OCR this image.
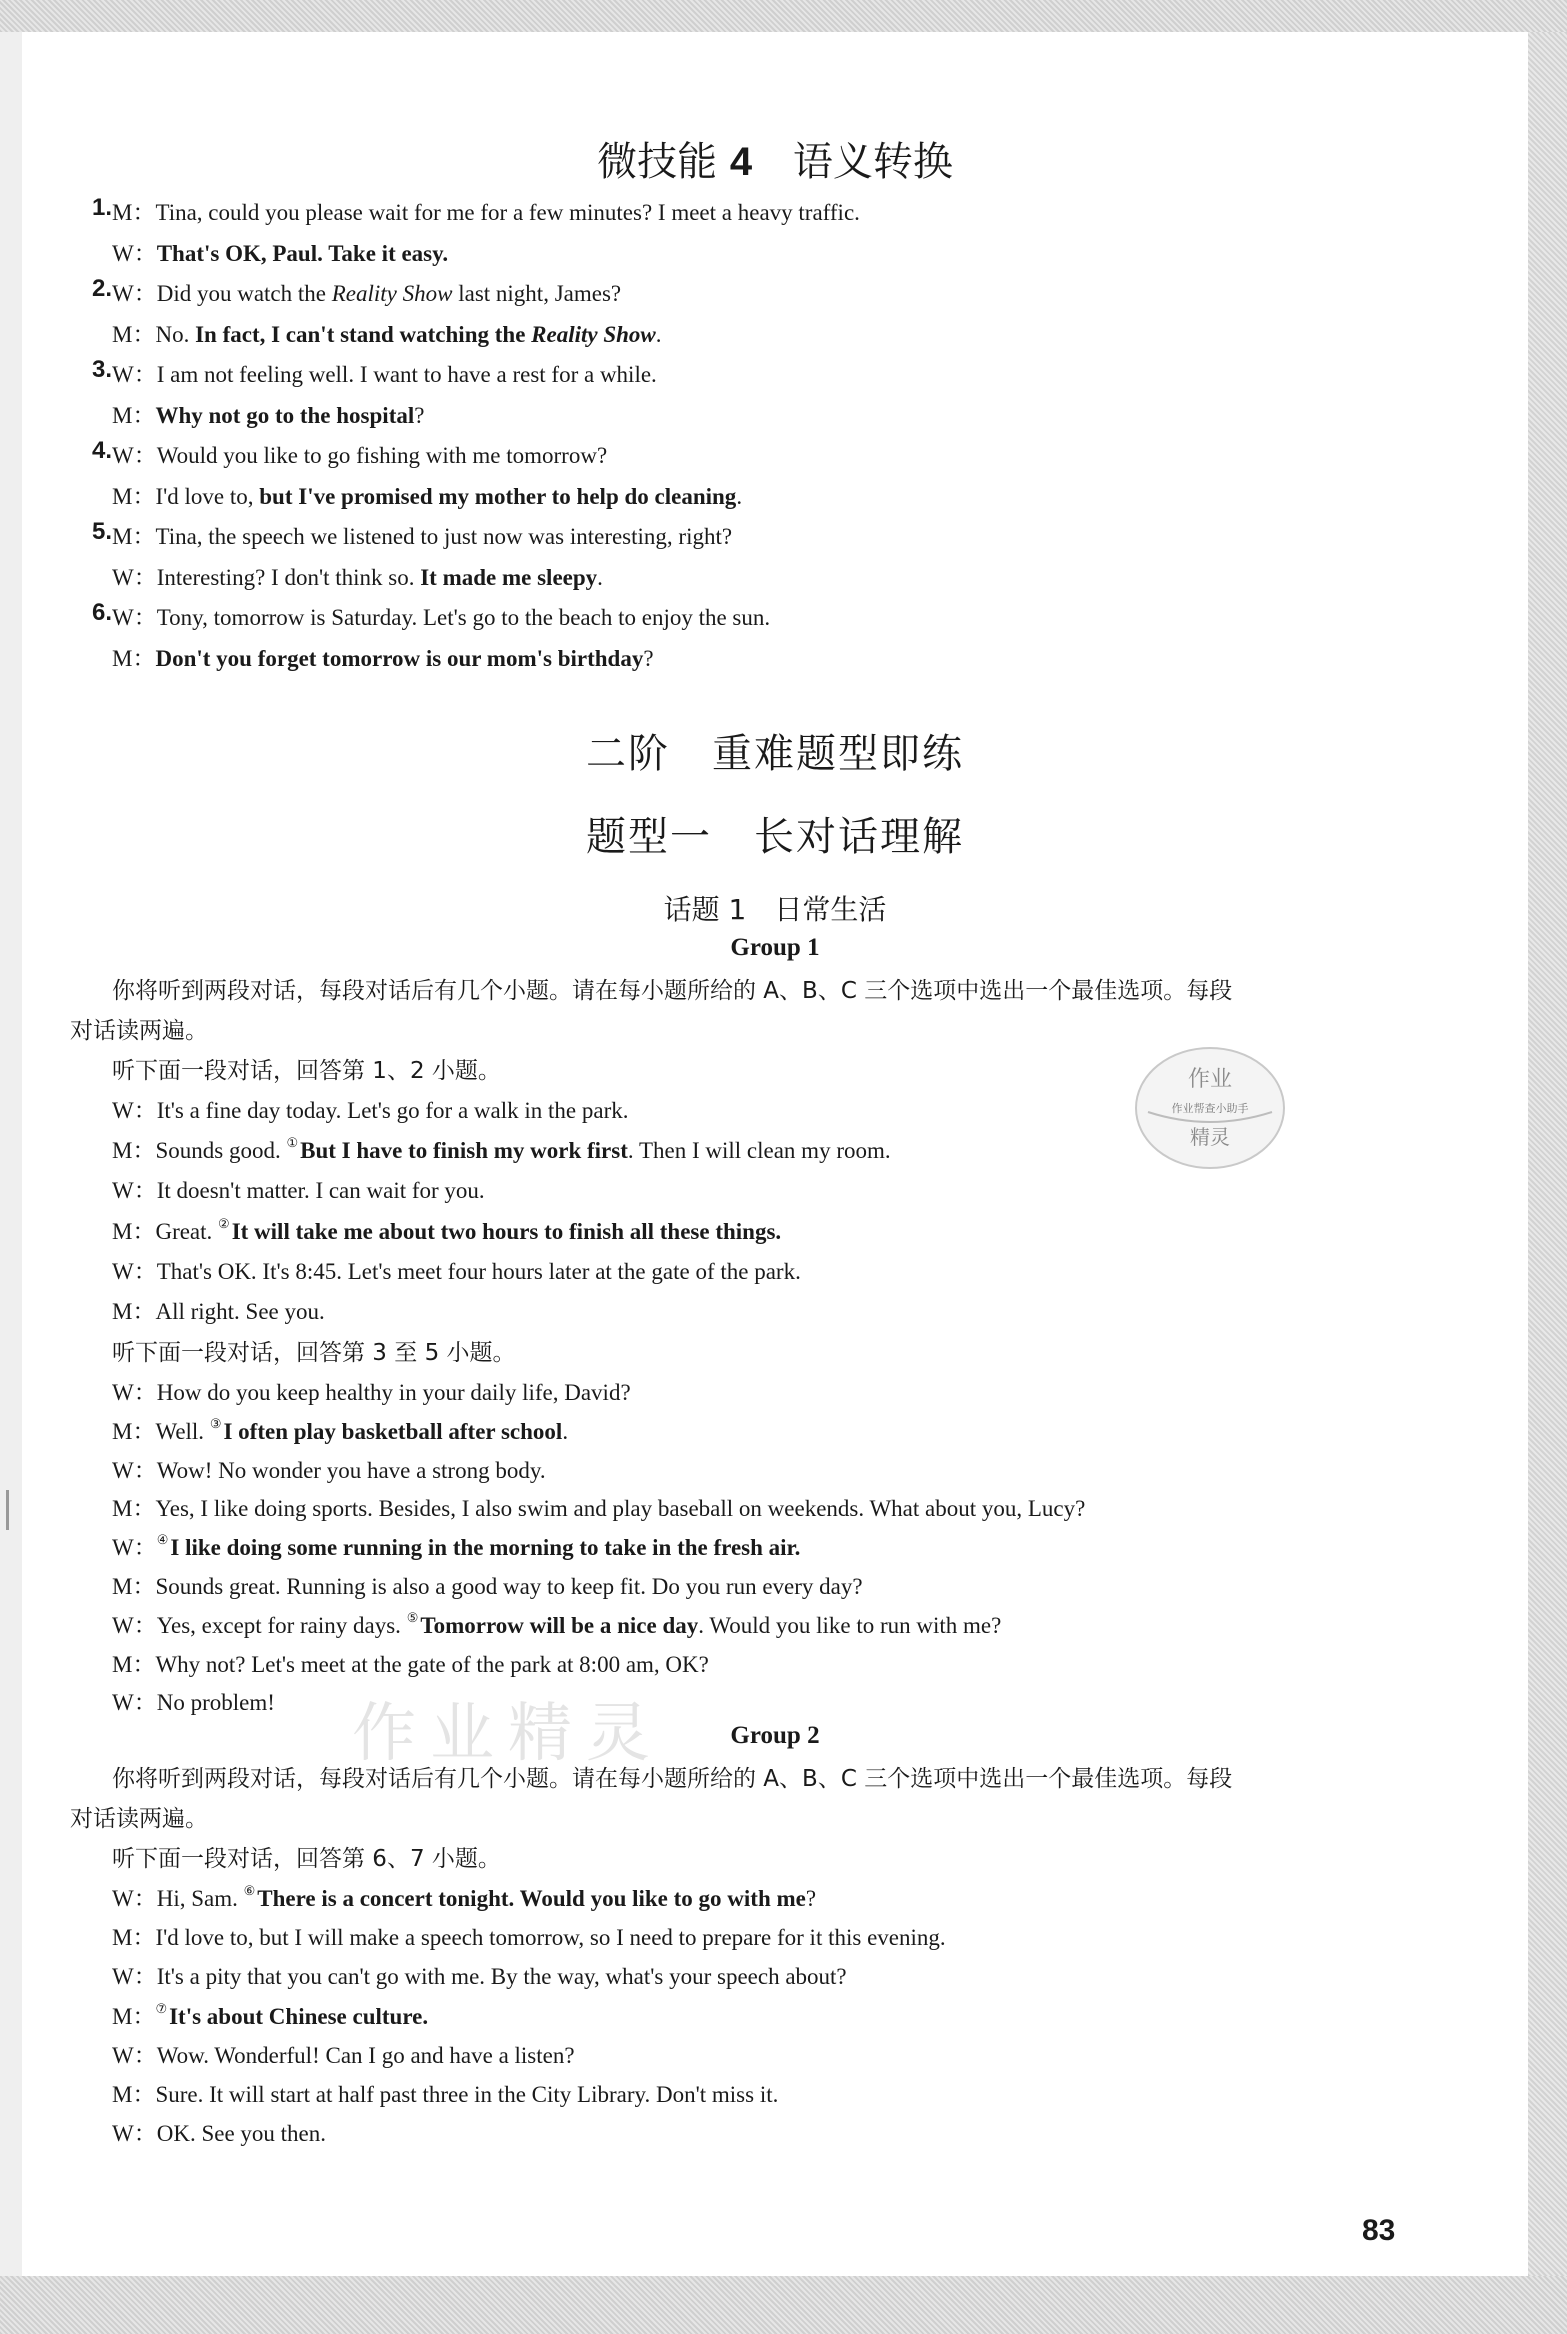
微技能 4 语义转换
1. M：Tina, could you please wait for me for a few minutes? I meet a heavy traffic.
W：That's OK, Paul. Take it easy.
2. W：Did you watch the Reality Show last night, James?
M：No. In fact, I can't stand watching the Reality Show.
3. W：I am not feeling well. I want to have a rest for a while.
M：Why not go to the hospital?
4. W：Would you like to go fishing with me tomorrow?
M：I'd love to, but I've promised my mother to help do cleaning.
5. M：Tina, the speech we listened to just now was interesting, right?
W：Interesting? I don't think so. It made me sleepy.
6. W：Tony, tomorrow is Saturday. Let's go to the beach to enjoy the sun.
M：Don't you forget tomorrow is our mom's birthday?
二阶　重难题型即练
题型一　长对话理解
话题 1　日常生活
Group 1
你将听到两段对话，每段对话后有几个小题。请在每小题所给的 A、B、C 三个选项中选出一个最佳选项。每段
对话读两遍。
听下面一段对话，回答第 1、2 小题。
W：It's a fine day today. Let's go for a walk in the park.
M：Sounds good. ①But I have to finish my work first. Then I will clean my room.
W：It doesn't matter. I can wait for you.
M：Great. ②It will take me about two hours to finish all these things.
W：That's OK. It's 8:45. Let's meet four hours later at the gate of the park.
M：All right. See you.
听下面一段对话，回答第 3 至 5 小题。
W：How do you keep healthy in your daily life, David?
M：Well. ③I often play basketball after school.
W：Wow! No wonder you have a strong body.
M：Yes, I like doing sports. Besides, I also swim and play baseball on weekends. What about you, Lucy?
W：④I like doing some running in the morning to take in the fresh air.
M：Sounds great. Running is also a good way to keep fit. Do you run every day?
W：Yes, except for rainy days. ⑤Tomorrow will be a nice day. Would you like to run with me?
M：Why not? Let's meet at the gate of the park at 8:00 am, OK?
W：No problem!
Group 2
你将听到两段对话，每段对话后有几个小题。请在每小题所给的 A、B、C 三个选项中选出一个最佳选项。每段
对话读两遍。
听下面一段对话，回答第 6、7 小题。
W：Hi, Sam. ⑥There is a concert tonight. Would you like to go with me?
M：I'd love to, but I will make a speech tomorrow, so I need to prepare for it this evening.
W：It's a pity that you can't go with me. By the way, what's your speech about?
M：⑦It's about Chinese culture.
W：Wow. Wonderful! Can I go and have a listen?
M：Sure. It will start at half past three in the City Library. Don't miss it.
W：OK. See you then.
作业精灵
作业
作业帮查小助手
精灵
83
